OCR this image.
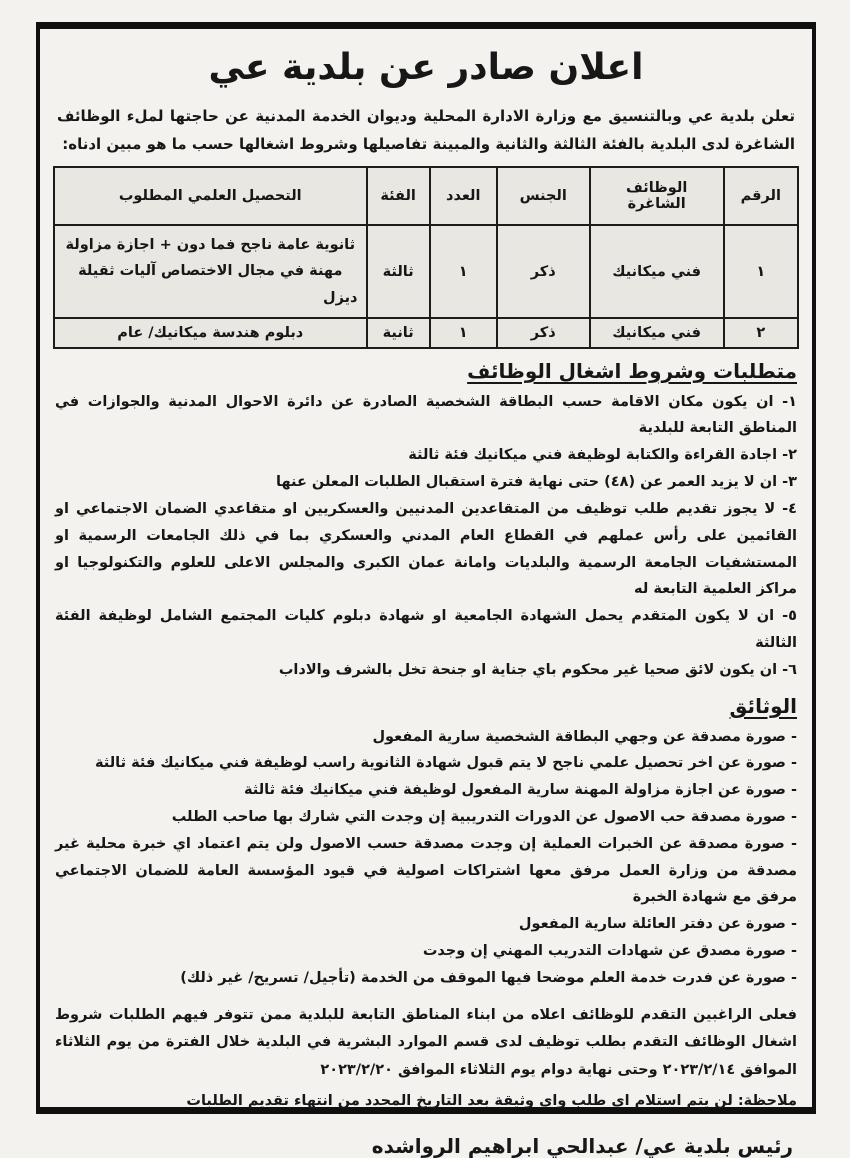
اعلان صادر عن بلدية عي
تعلن بلدية عي وبالتنسيق مع وزارة الادارة المحلية وديوان الخدمة المدنية عن حاجتها لملء الوظائف الشاغرة لدى البلدية بالفئة الثالثة والثانية والمبينة تفاصيلها وشروط اشغالها حسب ما هو مبين ادناه:
الرقم	الوظائف الشاغرة	الجنس	العدد	الفئة	التحصيل العلمي المطلوب
١	فني ميكانيك	ذكر	١	ثالثة	ثانوية عامة ناجح فما دون + اجازة مزاولة مهنة في مجال الاختصاص آليات ثقيلة ديزل
٢	فني ميكانيك	ذكر	١	ثانية	دبلوم هندسة ميكانيك/ عام
متطلبات وشروط اشغال الوظائف

١- ان يكون مكان الاقامة حسب البطاقة الشخصية الصادرة عن دائرة الاحوال المدنية والجوازات في المناطق التابعة للبلدية

٢- اجادة القراءة والكتابة لوظيفة فني ميكانيك فئة ثالثة

٣- ان لا يزيد العمر عن (٤٨) حتى نهاية فترة استقبال الطلبات المعلن عنها

٤- لا يجوز تقديم طلب توظيف من المتقاعدين المدنيين والعسكريين او متقاعدي الضمان الاجتماعي او القائمين على رأس عملهم في القطاع العام المدني والعسكري بما في ذلك الجامعات الرسمية او المستشفيات الجامعة الرسمية والبلديات وامانة عمان الكبرى والمجلس الاعلى للعلوم والتكنولوجيا او مراكز العلمية التابعة له

٥- ان لا يكون المتقدم يحمل الشهادة الجامعية او شهادة دبلوم كليات المجتمع الشامل لوظيفة الفئة الثالثة

٦- ان يكون لائق صحيا غير محكوم باي جناية او جنحة تخل بالشرف والاداب

الوثائق

- صورة مصدقة عن وجهي البطاقة الشخصية سارية المفعول

- صورة عن اخر تحصيل علمي ناجح لا يتم قبول شهادة الثانوية راسب لوظيفة فني ميكانيك فئة ثالثة

- صورة عن اجازة مزاولة المهنة سارية المفعول لوظيفة فني ميكانيك فئة ثالثة

- صورة مصدقة حب الاصول عن الدورات التدريبية إن وجدت التي شارك بها صاحب الطلب

- صورة مصدقة عن الخبرات العملية إن وجدت مصدقة حسب الاصول ولن يتم اعتماد اي خبرة محلية غير مصدقة من وزارة العمل مرفق معها اشتراكات اصولية في قيود المؤسسة العامة للضمان الاجتماعي مرفق مع شهادة الخبرة

- صورة عن دفتر العائلة سارية المفعول

- صورة مصدق عن شهادات التدريب المهني إن وجدت

- صورة عن فدرت خدمة العلم موضحا فيها الموقف من الخدمة (تأجيل/ تسريح/ غير ذلك)

فعلى الراغبين التقدم للوظائف اعلاه من ابناء المناطق التابعة للبلدية ممن تتوفر فيهم الطلبات شروط اشغال الوظائف التقدم بطلب توظيف لدى قسم الموارد البشرية في البلدية خلال الفترة من يوم الثلاثاء الموافق ٢٠٢٣/٢/١٤ وحتى نهاية دوام يوم الثلاثاء الموافق ٢٠٢٣/٢/٢٠
ملاحظة: لن يتم استلام اي طلب واي وثيقة بعد التاريخ المحدد من انتهاء تقديم الطلبات
رئيس بلدية عي/ عبدالحي ابراهيم الرواشده
